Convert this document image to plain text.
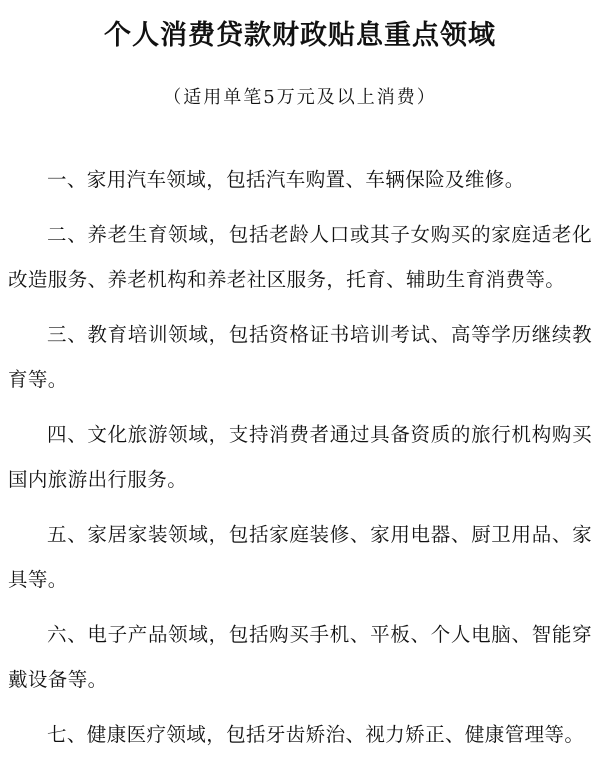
个人消费贷款财政贴息重点领域

（适用单笔5万元及以上消费）

一、家用汽车领域，包括汽车购置、车辆保险及维修。

二、养老生育领域，包括老龄人口或其子女购买的家庭适老化改造服务、养老机构和养老社区服务，托育、辅助生育消费等。

三、教育培训领域，包括资格证书培训考试、高等学历继续教育等。

四、文化旅游领域，支持消费者通过具备资质的旅行机构购买国内旅游出行服务。

五、家居家装领域，包括家庭装修、家用电器、厨卫用品、家具等。

六、电子产品领域，包括购买手机、平板、个人电脑、智能穿戴设备等。

七、健康医疗领域，包括牙齿矫治、视力矫正、健康管理等。
